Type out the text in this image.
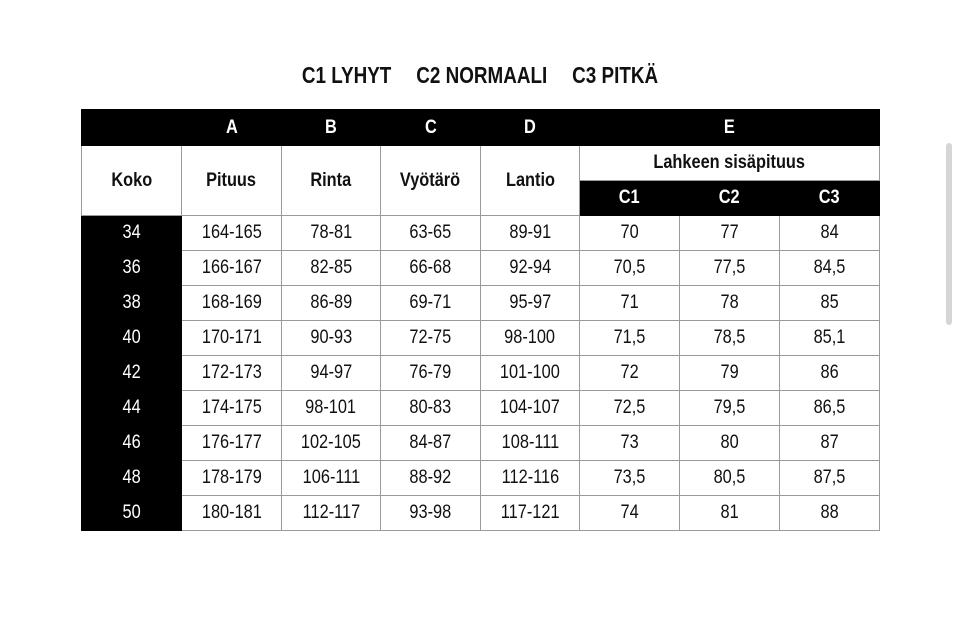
C1 LYHYT C2 NORMAALI C3 PITKÄ
	A	B	C	D	E		
Koko	Pituus	Rinta	Vyötärö	Lantio	Lahkeen sisäpituus		
					C1	C2	C3
34	164-165	78-81	63-65	89-91	70	77	84
36	166-167	82-85	66-68	92-94	70,5	77,5	84,5
38	168-169	86-89	69-71	95-97	71	78	85
40	170-171	90-93	72-75	98-100	71,5	78,5	85,1
42	172-173	94-97	76-79	101-100	72	79	86
44	174-175	98-101	80-83	104-107	72,5	79,5	86,5
46	176-177	102-105	84-87	108-111	73	80	87
48	178-179	106-111	88-92	112-116	73,5	80,5	87,5
50	180-181	112-117	93-98	117-121	74	81	88
